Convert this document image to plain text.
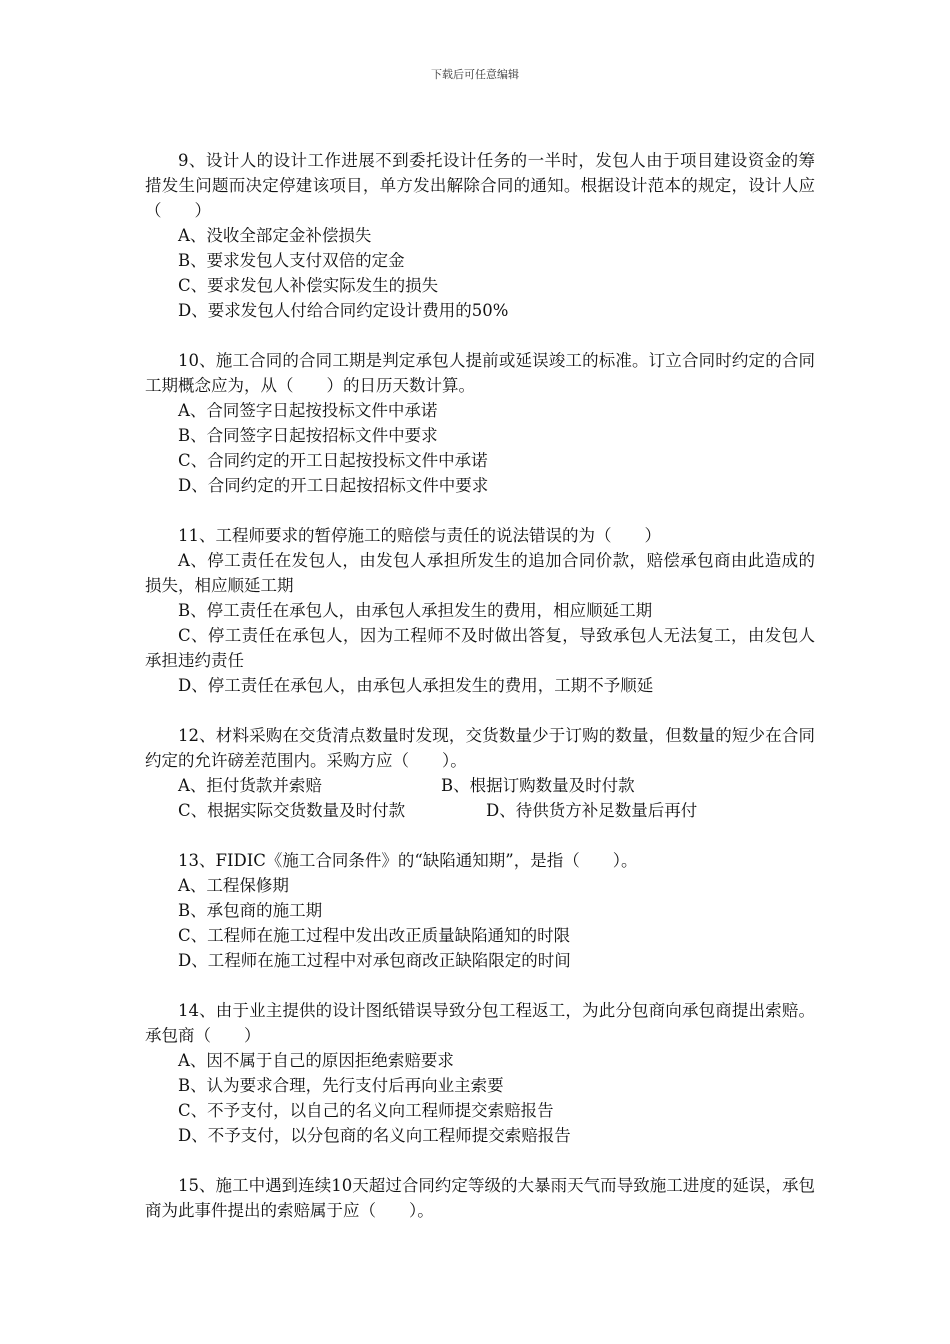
下载后可任意编辑

9、设计人的设计工作进展不到委托设计任务的一半时，发包人由于项目建设资金的筹措发生问题而决定停建该项目，单方发出解除合同的通知。根据设计范本的规定，设计人应（　　）

A、没收全部定金补偿损失

B、要求发包人支付双倍的定金

C、要求发包人补偿实际发生的损失

D、要求发包人付给合同约定设计费用的50%

10、施工合同的合同工期是判定承包人提前或延误竣工的标准。订立合同时约定的合同工期概念应为，从（　　）的日历天数计算。

A、合同签字日起按投标文件中承诺

B、合同签字日起按招标文件中要求

C、合同约定的开工日起按投标文件中承诺

D、合同约定的开工日起按招标文件中要求

11、工程师要求的暂停施工的赔偿与责任的说法错误的为（　　）

A、停工责任在发包人，由发包人承担所发生的追加合同价款，赔偿承包商由此造成的损失，相应顺延工期

B、停工责任在承包人，由承包人承担发生的费用，相应顺延工期

C、停工责任在承包人，因为工程师不及时做出答复，导致承包人无法复工，由发包人承担违约责任

D、停工责任在承包人，由承包人承担发生的费用，工期不予顺延

12、材料采购在交货清点数量时发现，交货数量少于订购的数量，但数量的短少在合同约定的允许磅差范围内。采购方应（　　）。

A、拒付货款并索赔	B、根据订购数量及时付款
C、根据实际交货数量及时付款	D、待供货方补足数量后再付

13、FIDIC《施工合同条件》的“缺陷通知期”，是指（　　）。

A、工程保修期

B、承包商的施工期

C、工程师在施工过程中发出改正质量缺陷通知的时限

D、工程师在施工过程中对承包商改正缺陷限定的时间

14、由于业主提供的设计图纸错误导致分包工程返工，为此分包商向承包商提出索赔。承包商（　　）

A、因不属于自己的原因拒绝索赔要求

B、认为要求合理，先行支付后再向业主索要

C、不予支付，以自己的名义向工程师提交索赔报告

D、不予支付，以分包商的名义向工程师提交索赔报告

15、施工中遇到连续10天超过合同约定等级的大暴雨天气而导致施工进度的延误，承包商为此事件提出的索赔属于应（　　）。
